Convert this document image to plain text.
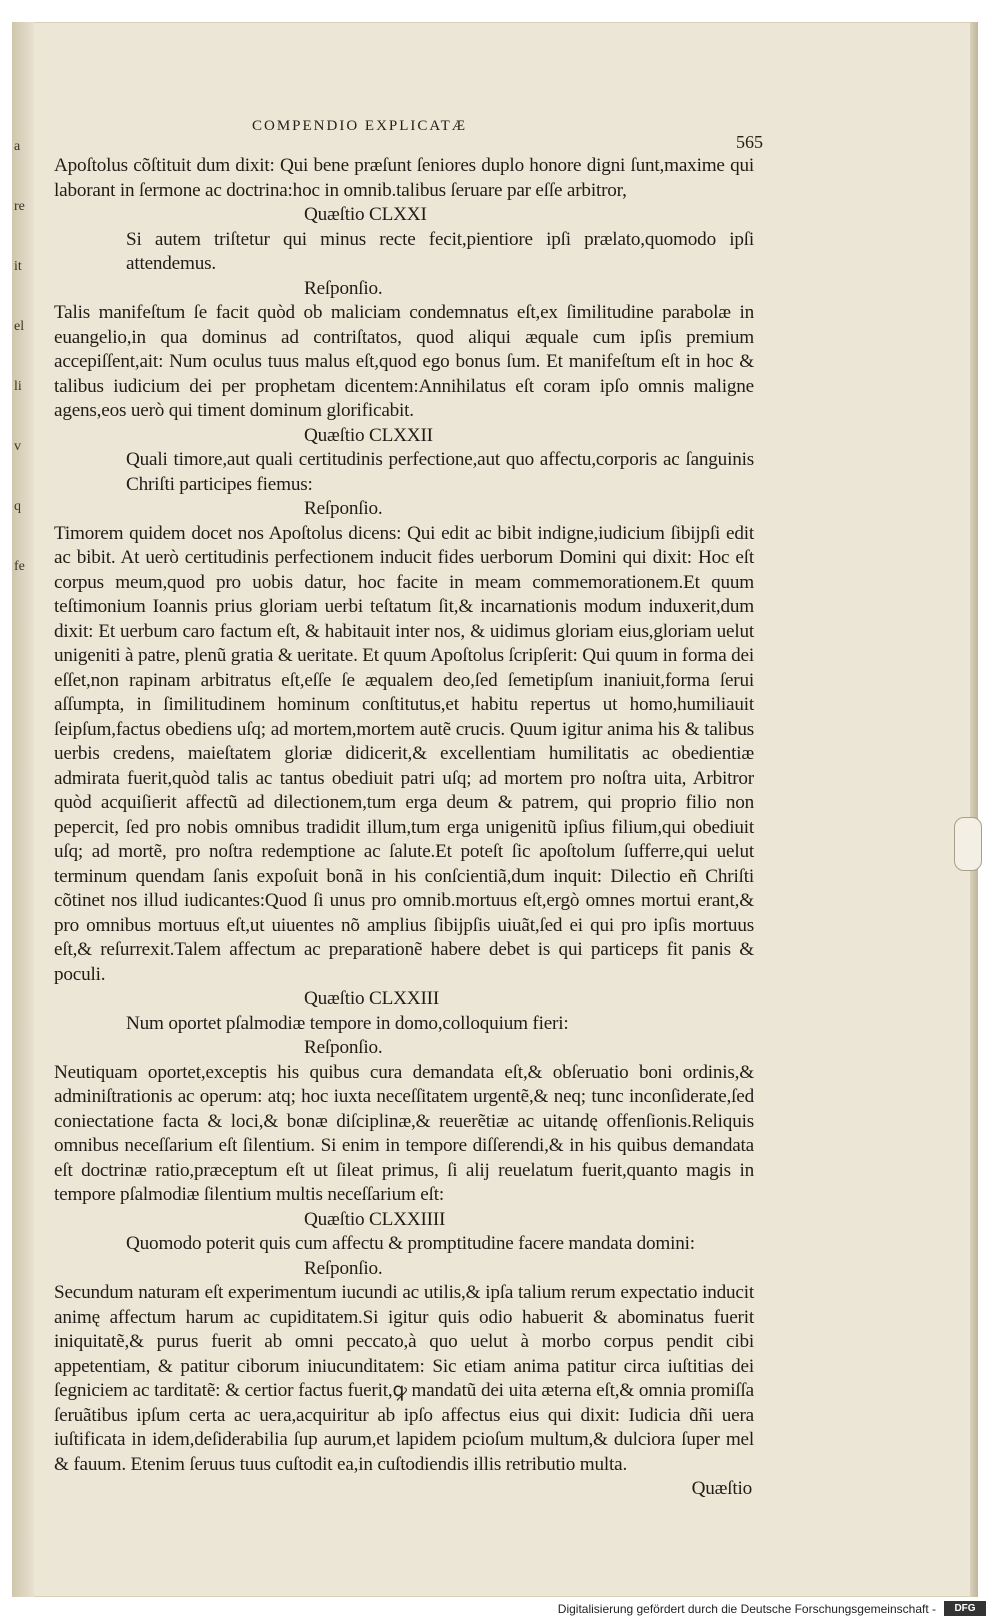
a
re
it
el
li
v
q
fe
COMPENDIO EXPLICATÆ
565

Apoſtolus cõſtituit dum dixit: Qui bene præſunt ſeniores duplo honore digni ſunt,maxime qui laborant in ſermone ac doctrina:hoc in omnib.talibus ſeruare par eſſe arbitror,

Quæſtio CLXXI

Si autem triſtetur qui minus recte fecit,pientiore ipſi prælato,quomodo ipſi attendemus.

Reſponſio.

Talis manifeſtum ſe facit quòd ob maliciam condemnatus eſt,ex ſimilitudine parabolæ in euangelio,in qua dominus ad contriſtatos, quod aliqui æquale cum ipſis premium accepiſſent,ait: Num oculus tuus malus eſt,quod ego bonus ſum. Et manifeſtum eſt in hoc & talibus iudicium dei per prophetam dicentem:Annihilatus eſt coram ipſo omnis maligne agens,eos uerò qui timent dominum glorificabit.

Quæſtio CLXXII

Quali timore,aut quali certitudinis perfectione,aut quo affectu,corporis ac ſanguinis Chriſti participes fiemus:

Reſponſio.

Timorem quidem docet nos Apoſtolus dicens: Qui edit ac bibit indigne,iudicium ſibijpſi edit ac bibit. At uerò certitudinis perfectionem inducit fides uerborum Domini qui dixit: Hoc eſt corpus meum,quod pro uobis datur, hoc facite in meam commemorationem.Et quum teſtimonium Ioannis prius gloriam uerbi teſtatum ſit,& incarnationis modum induxerit,dum dixit: Et uerbum caro factum eſt, & habitauit inter nos, & uidimus gloriam eius,gloriam uelut unigeniti à patre, plenũ gratia & ueritate. Et quum Apoſtolus ſcripſerit: Qui quum in forma dei eſſet,non rapinam arbitratus eſt,eſſe ſe æqualem deo,ſed ſemetipſum inaniuit,forma ſerui aſſumpta, in ſimilitudinem hominum conſtitutus,et habitu repertus ut homo,humiliauit ſeipſum,factus obediens uſq; ad mortem,mortem autẽ crucis. Quum igitur anima his & talibus uerbis credens, maieſtatem gloriæ didicerit,& excellentiam humilitatis ac obedientiæ admirata fuerit,quòd talis ac tantus obediuit patri uſq; ad mortem pro noſtra uita, Arbitror quòd acquiſierit affectũ ad dilectionem,tum erga deum & patrem, qui proprio filio non pepercit, ſed pro nobis omnibus tradidit illum,tum erga unigenitũ ipſius filium,qui obediuit uſq; ad mortẽ, pro noſtra redemptione ac ſalute.Et poteſt ſic apoſtolum ſufferre,qui uelut terminum quendam ſanis expoſuit bonã in his conſcientiã,dum inquit: Dilectio eñ Chriſti cõtinet nos illud iudicantes:Quod ſi unus pro omnib.mortuus eſt,ergò omnes mortui erant,& pro omnibus mortuus eſt,ut uiuentes nõ amplius ſibijpſis uiuãt,ſed ei qui pro ipſis mortuus eſt,& reſurrexit.Talem affectum ac preparationẽ habere debet is qui particeps fit panis & poculi.

Quæſtio CLXXIII

Num oportet pſalmodiæ tempore in domo,colloquium fieri:

Reſponſio.

Neutiquam oportet,exceptis his quibus cura demandata eſt,& obſeruatio boni ordinis,& adminiſtrationis ac operum: atq; hoc iuxta neceſſitatem urgentẽ,& neq; tunc inconſiderate,ſed coniectatione facta & loci,& bonæ diſciplinæ,& reuerẽtiæ ac uitandę offenſionis.Reliquis omnibus neceſſarium eſt ſilentium. Si enim in tempore diſſerendi,& in his quibus demandata eſt doctrinæ ratio,præceptum eſt ut ſileat primus, ſi alij reuelatum fuerit,quanto magis in tempore pſalmodiæ ſilentium multis neceſſarium eſt:

Quæſtio CLXXIIII

Quomodo poterit quis cum affectu & promptitudine facere mandata domini:

Reſponſio.

Secundum naturam eſt experimentum iucundi ac utilis,& ipſa talium rerum expectatio inducit animę affectum harum ac cupiditatem.Si igitur quis odio habuerit & abominatus fuerit iniquitatẽ,& purus fuerit ab omni peccato,à quo uelut à morbo corpus pendit cibi appetentiam, & patitur ciborum iniucunditatem: Sic etiam anima patitur circa iuſtitias dei ſegniciem ac tarditatẽ: & certior factus fuerit,ꝙ mandatũ dei uita æterna eſt,& omnia promiſſa ſeruãtibus ipſum certa ac uera,acquiritur ab ipſo affectus eius qui dixit: Iudicia dñi uera iuſtificata in idem,deſiderabilia ſup aurum,et lapidem pcioſum multum,& dulciora ſuper mel & fauum. Etenim ſeruus tuus cuſtodit ea,in cuſtodiendis illis retributio multa.

Quæſtio

Digitalisierung gefördert durch die Deutsche Forschungsgemeinschaft -	DFG
